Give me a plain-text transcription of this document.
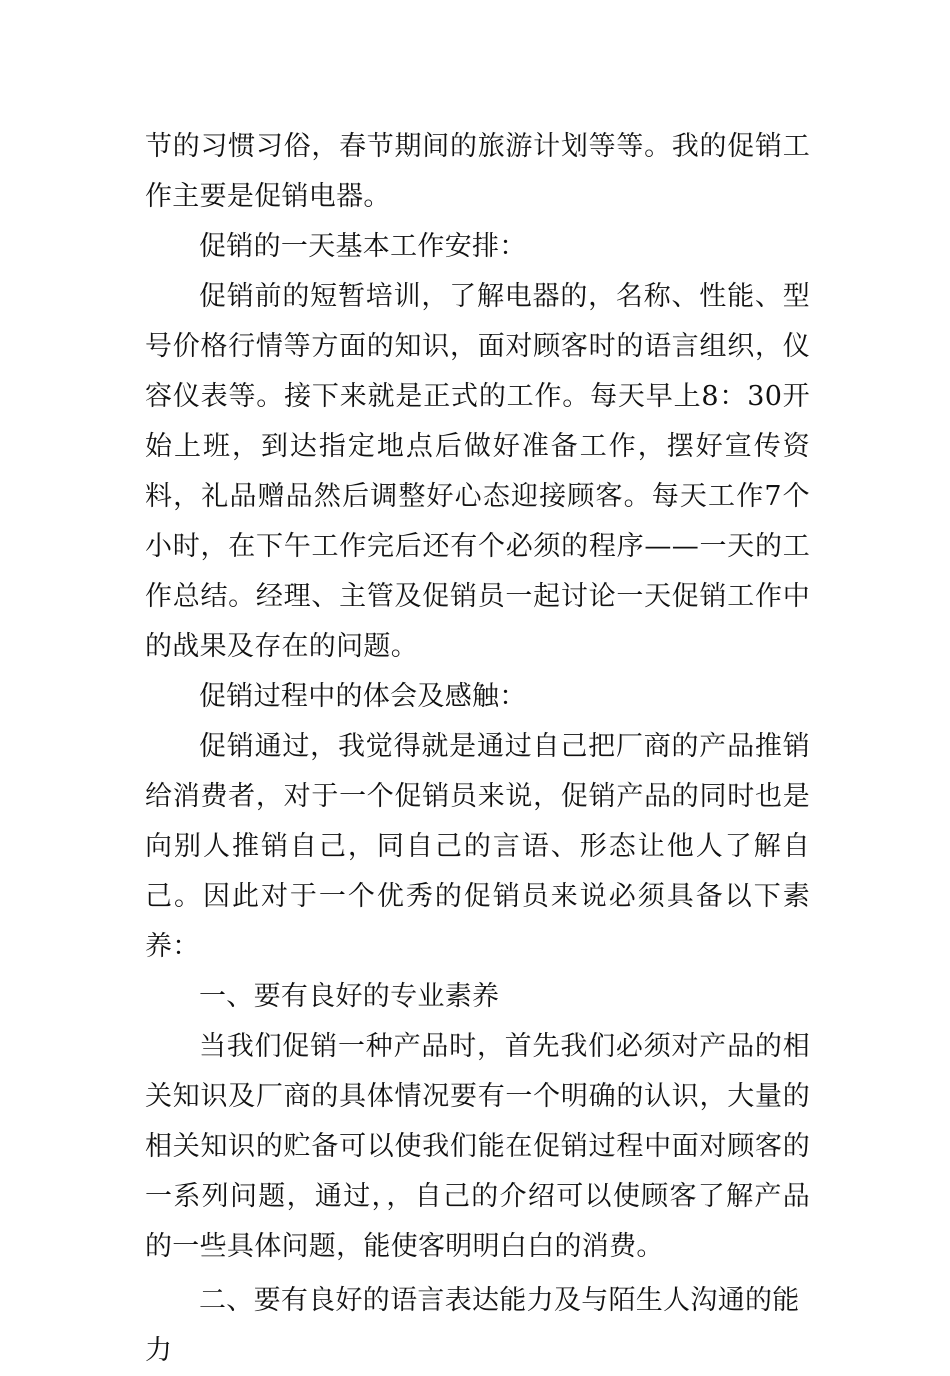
节的习惯习俗，春节期间的旅游计划等等。我的促销工作主要是促销电器。

促销的一天基本工作安排：

促销前的短暂培训，了解电器的，名称、性能、型号价格行情等方面的知识，面对顾客时的语言组织，仪容仪表等。接下来就是正式的工作。每天早上8：30开始上班，到达指定地点后做好准备工作，摆好宣传资料，礼品赠品然后调整好心态迎接顾客。每天工作7个小时，在下午工作完后还有个必须的程序——一天的工作总结。经理、主管及促销员一起讨论一天促销工作中的战果及存在的问题。

促销过程中的体会及感触：

促销通过，我觉得就是通过自己把厂商的产品推销给消费者，对于一个促销员来说，促销产品的同时也是向别人推销自己，同自己的言语、形态让他人了解自己。因此对于一个优秀的促销员来说必须具备以下素养：

一、要有良好的专业素养

当我们促销一种产品时，首先我们必须对产品的相关知识及厂商的具体情况要有一个明确的认识，大量的相关知识的贮备可以使我们能在促销过程中面对顾客的一系列问题，通过，，自己的介绍可以使顾客了解产品的一些具体问题，能使客明明白白的消费。

二、要有良好的语言表达能力及与陌生人沟通的能力
